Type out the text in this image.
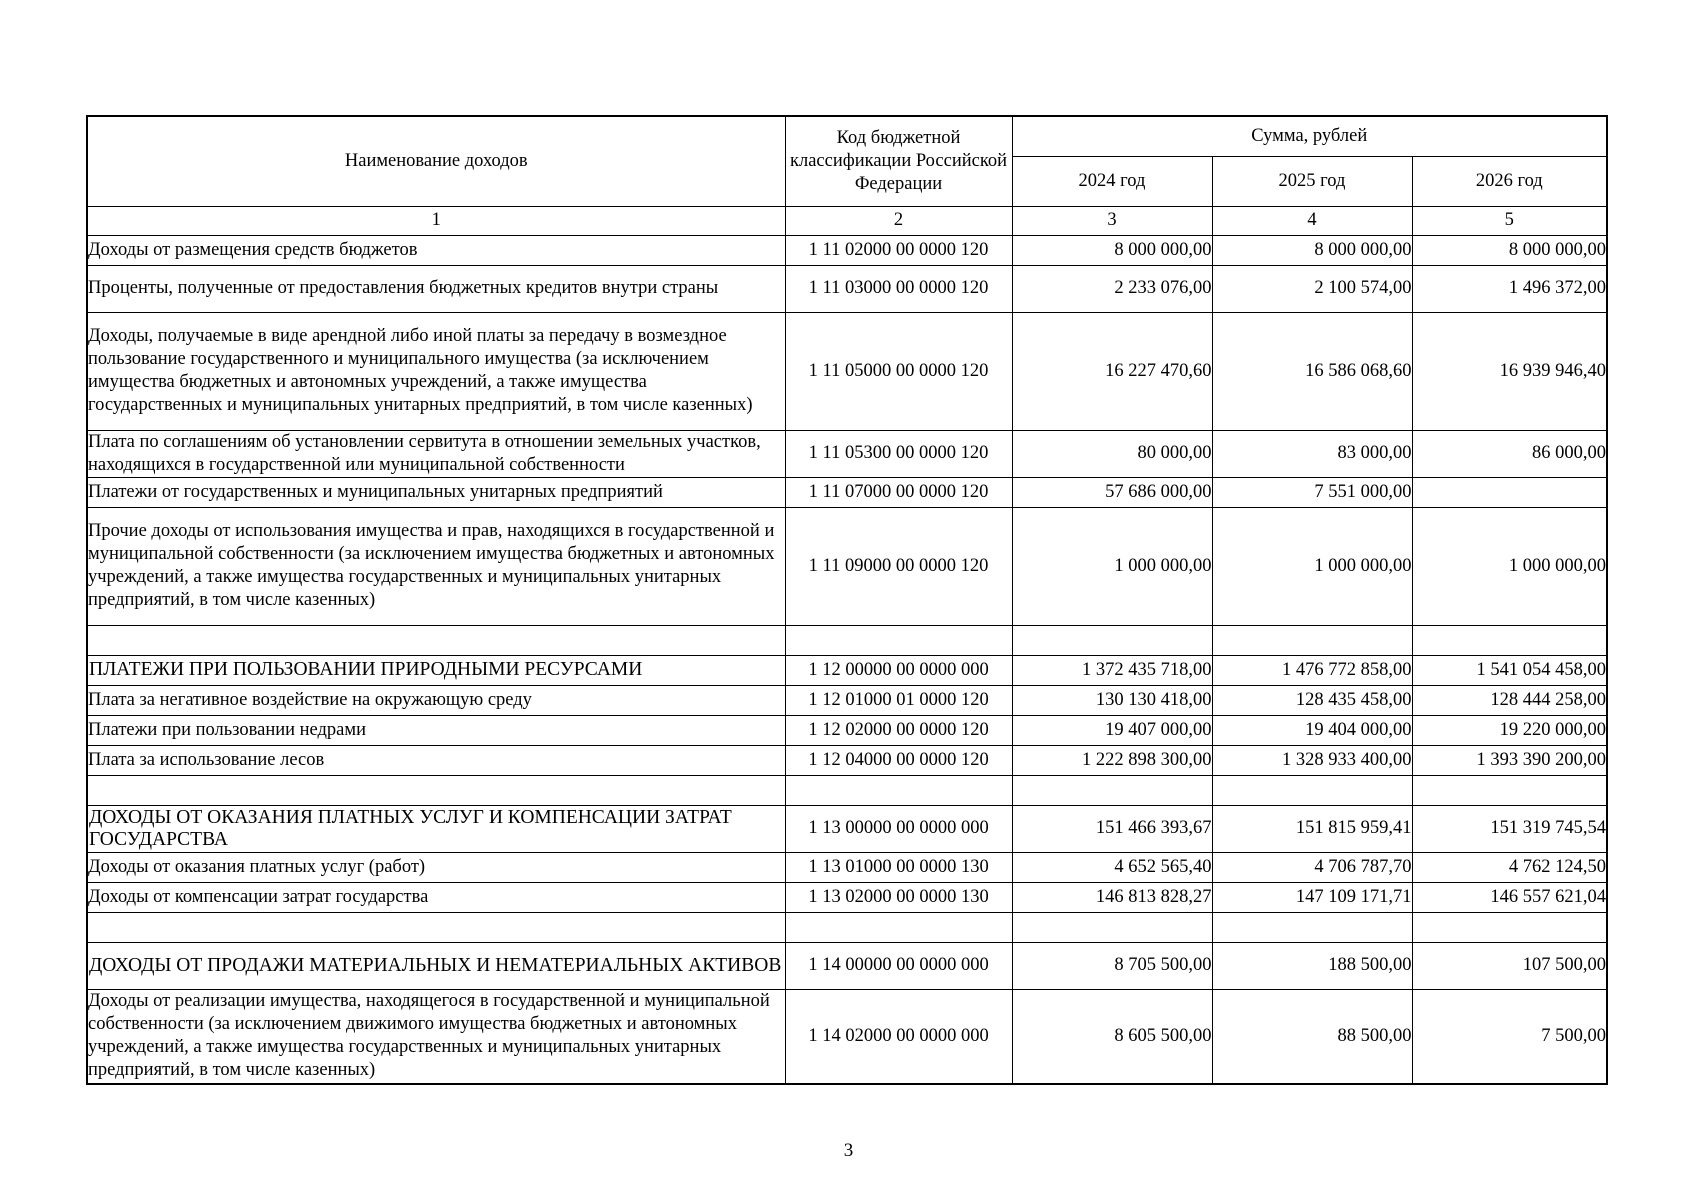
Наименование доходов	Код бюджетной классификации Российской Федерации	Сумма, рублей		
		2024 год	2025 год	2026 год
1	2	3	4	5
Доходы от размещения средств бюджетов	1 11 02000 00 0000 120	8 000 000,00	8 000 000,00	8 000 000,00
Проценты, полученные от предоставления бюджетных кредитов внутри страны	1 11 03000 00 0000 120	2 233 076,00	2 100 574,00	1 496 372,00
Доходы, получаемые в виде арендной либо иной платы за передачу в возмездное пользование государственного и муниципального имущества (за исключением имущества бюджетных и автономных учреждений, а также имущества государственных и муниципальных унитарных предприятий, в том числе казенных)	1 11 05000 00 0000 120	16 227 470,60	16 586 068,60	16 939 946,40
Плата по соглашениям об установлении сервитута в отношении земельных участков, находящихся в государственной или муниципальной собственности	1 11 05300 00 0000 120	80 000,00	83 000,00	86 000,00
Платежи от государственных и муниципальных унитарных предприятий	1 11 07000 00 0000 120	57 686 000,00	7 551 000,00	
Прочие доходы от использования имущества и прав, находящихся в государственной и муниципальной собственности (за исключением имущества бюджетных и автономных учреждений, а также имущества государственных и муниципальных унитарных предприятий, в том числе казенных)	1 11 09000 00 0000 120	1 000 000,00	1 000 000,00	1 000 000,00

ПЛАТЕЖИ ПРИ ПОЛЬЗОВАНИИ ПРИРОДНЫМИ РЕСУРСАМИ	1 12 00000 00 0000 000	1 372 435 718,00	1 476 772 858,00	1 541 054 458,00
Плата за негативное воздействие на окружающую среду	1 12 01000 01 0000 120	130 130 418,00	128 435 458,00	128 444 258,00
Платежи при пользовании недрами	1 12 02000 00 0000 120	19 407 000,00	19 404 000,00	19 220 000,00
Плата за использование лесов	1 12 04000 00 0000 120	1 222 898 300,00	1 328 933 400,00	1 393 390 200,00

ДОХОДЫ ОТ ОКАЗАНИЯ ПЛАТНЫХ УСЛУГ И КОМПЕНСАЦИИ ЗАТРАТ ГОСУДАРСТВА	1 13 00000 00 0000 000	151 466 393,67	151 815 959,41	151 319 745,54
Доходы от оказания платных услуг (работ)	1 13 01000 00 0000 130	4 652 565,40	4 706 787,70	4 762 124,50
Доходы от компенсации затрат государства	1 13 02000 00 0000 130	146 813 828,27	147 109 171,71	146 557 621,04

ДОХОДЫ ОТ ПРОДАЖИ МАТЕРИАЛЬНЫХ И НЕМАТЕРИАЛЬНЫХ АКТИВОВ	1 14 00000 00 0000 000	8 705 500,00	188 500,00	107 500,00
Доходы от реализации имущества, находящегося в государственной и муниципальной собственности (за исключением движимого имущества бюджетных и автономных учреждений, а также имущества государственных и муниципальных унитарных предприятий, в том числе казенных)	1 14 02000 00 0000 000	8 605 500,00	88 500,00	7 500,00
3
